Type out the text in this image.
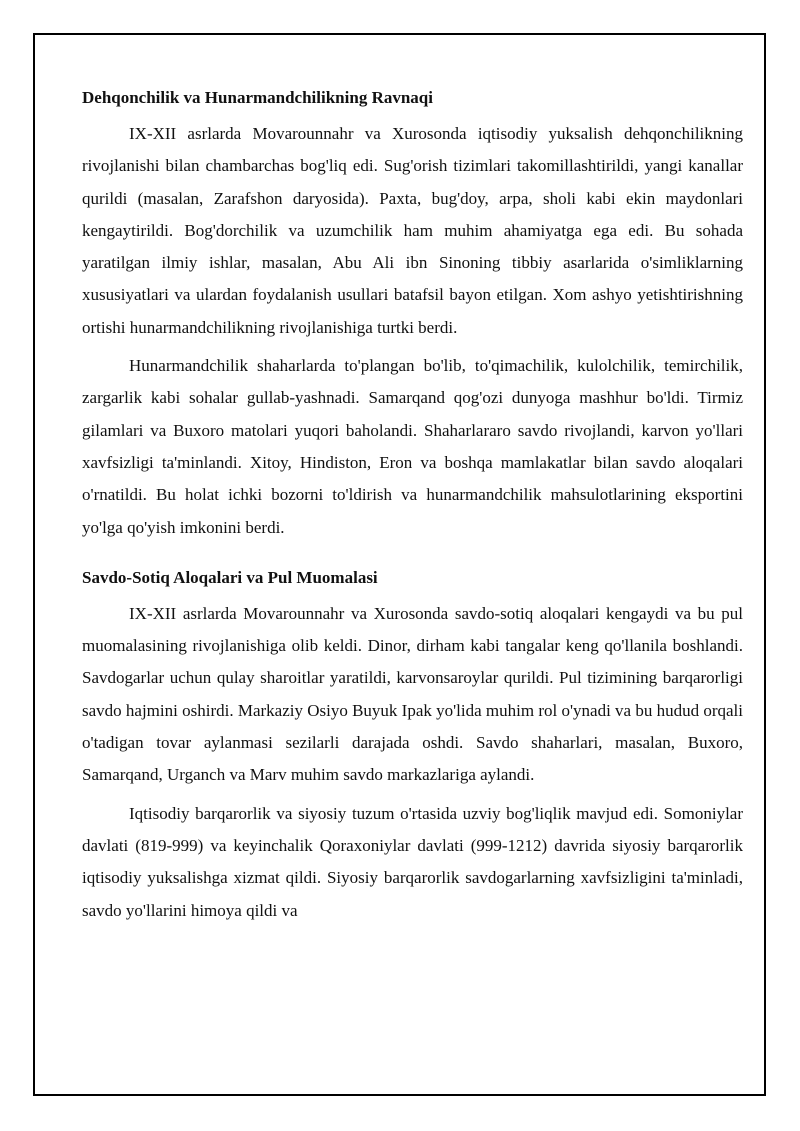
Dehqonchilik va Hunarmandchilikning Ravnaqi

IX-XII asrlarda Movarounnahr va Xurosonda iqtisodiy yuksalish dehqonchilikning rivojlanishi bilan chambarchas bog'liq edi. Sug'orish tizimlari takomillashtirildi, yangi kanallar qurildi (masalan, Zarafshon daryosida). Paxta, bug'doy, arpa, sholi kabi ekin maydonlari kengaytirildi. Bog'dorchilik va uzumchilik ham muhim ahamiyatga ega edi. Bu sohada yaratilgan ilmiy ishlar, masalan, Abu Ali ibn Sinoning tibbiy asarlarida o'simliklarning xususiyatlari va ulardan foydalanish usullari batafsil bayon etilgan. Xom ashyo yetishtirishning ortishi hunarmandchilikning rivojlanishiga turtki berdi.

Hunarmandchilik shaharlarda to'plangan bo'lib, to'qimachilik, kulolchilik, temirchilik, zargarlik kabi sohalar gullab-yashnadi. Samarqand qog'ozi dunyoga mashhur bo'ldi. Tirmiz gilamlari va Buxoro matolari yuqori baholandi. Shaharlararo savdo rivojlandi, karvon yo'llari xavfsizligi ta'minlandi. Xitoy, Hindiston, Eron va boshqa mamlakatlar bilan savdo aloqalari o'rnatildi. Bu holat ichki bozorni to'ldirish va hunarmandchilik mahsulotlarining eksportini yo'lga qo'yish imkonini berdi.

Savdo-Sotiq Aloqalari va Pul Muomalasi

IX-XII asrlarda Movarounnahr va Xurosonda savdo-sotiq aloqalari kengaydi va bu pul muomalasining rivojlanishiga olib keldi. Dinor, dirham kabi tangalar keng qo'llanila boshlandi. Savdogarlar uchun qulay sharoitlar yaratildi, karvonsaroylar qurildi. Pul tizimining barqarorligi savdo hajmini oshirdi. Markaziy Osiyo Buyuk Ipak yo'lida muhim rol o'ynadi va bu hudud orqali o'tadigan tovar aylanmasi sezilarli darajada oshdi. Savdo shaharlari, masalan, Buxoro, Samarqand, Urganch va Marv muhim savdo markazlariga aylandi.

Iqtisodiy barqarorlik va siyosiy tuzum o'rtasida uzviy bog'liqlik mavjud edi. Somoniylar davlati (819-999) va keyinchalik Qoraxoniylar davlati (999-1212) davrida siyosiy barqarorlik iqtisodiy yuksalishga xizmat qildi. Siyosiy barqarorlik savdogarlarning xavfsizligini ta'minladi, savdo yo'llarini himoya qildi va
